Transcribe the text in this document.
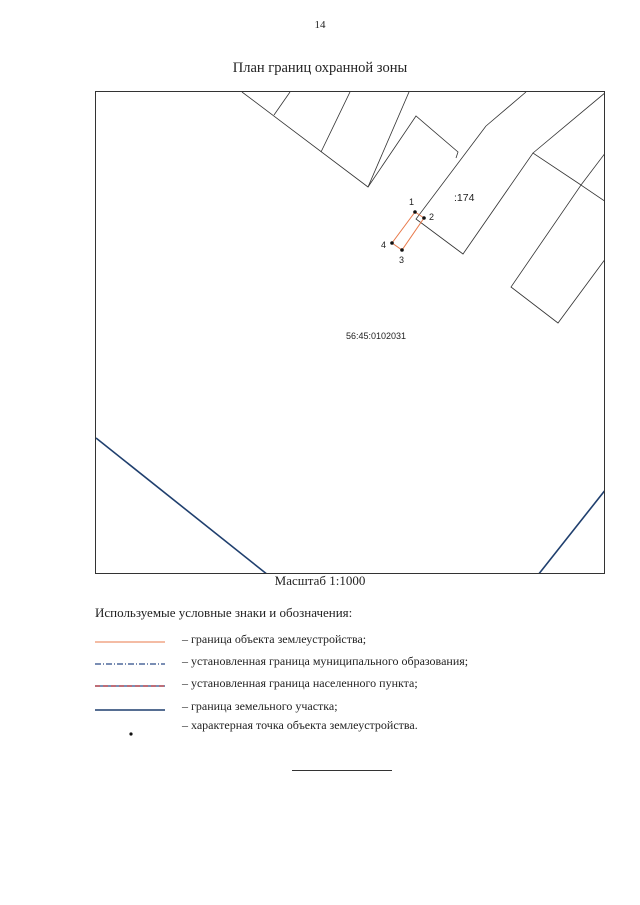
14
План границ охранной зоны
1
2
3
4
:174
56:45:0102031
Масштаб 1:1000
Используемые условные знаки и обозначения:
– граница объекта землеустройства;
– установленная граница муниципального образования;
– установленная граница населенного пункта;
– граница земельного участка;
– характерная точка объекта землеустройства.
